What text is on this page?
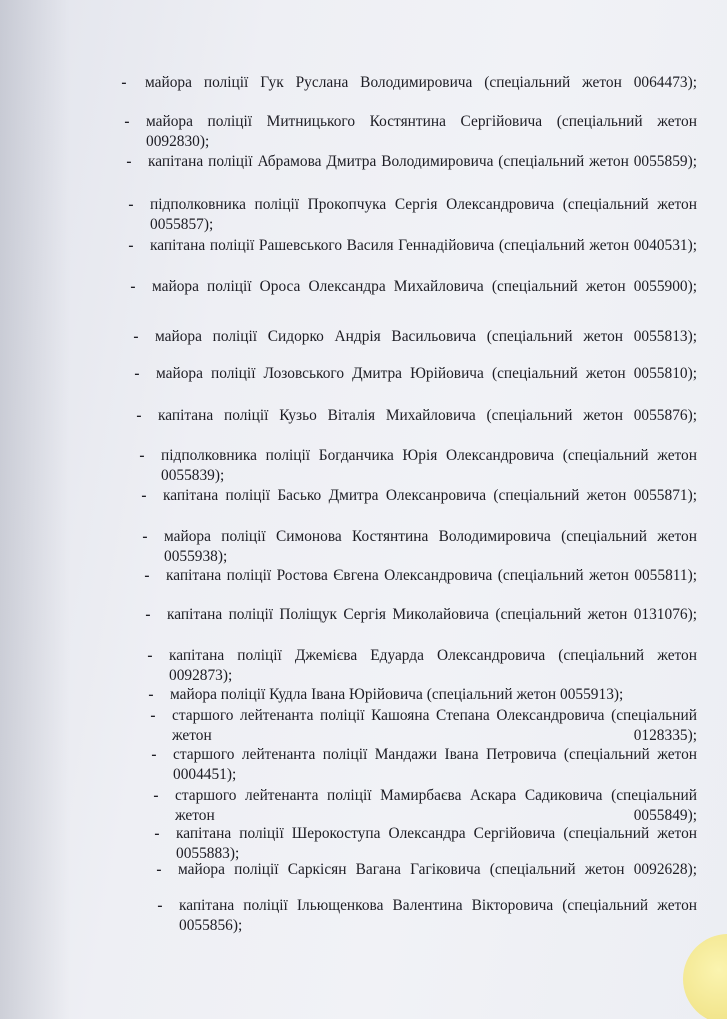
- майора поліції Гук Руслана Володимировича (спеціальний жетон 0064473);
- майора поліції Митницького Костянтина Сергійовича (спеціальний жетон 0092830);
- капітана поліції Абрамова Дмитра Володимировича (спеціальний жетон 0055859);
- підполковника поліції Прокопчука Сергія Олександровича (спеціальний жетон 0055857);
- капітана поліції Рашевського Василя Геннадійовича (спеціальний жетон 0040531);
- майора поліції Ороса Олександра Михайловича (спеціальний жетон 0055900);
- майора поліції Сидорко Андрія Васильовича (спеціальний жетон 0055813);
- майора поліції Лозовського Дмитра Юрійовича (спеціальний жетон 0055810);
- капітана поліції Кузьо Віталія Михайловича (спеціальний жетон 0055876);
- підполковника поліції Богданчика Юрія Олександровича (спеціальний жетон 0055839);
- капітана поліції Басько Дмитра Олексанровича (спеціальний жетон 0055871);
- майора поліції Симонова Костянтина Володимировича (спеціальний жетон 0055938);
- капітана поліції Ростова Євгена Олександровича (спеціальний жетон 0055811);
- капітана поліції Поліщук Сергія Миколайовича (спеціальний жетон 0131076);
- капітана поліції Джемієва Едуарда Олександровича (спеціальний жетон 0092873);
- майора поліції Кудла Івана Юрійовича (спеціальний жетон 0055913);
- старшого лейтенанта поліції Кашояна Степана Олександровича (спеціальний жетон 0128335);
- старшого лейтенанта поліції Мандажи Івана Петровича (спеціальний жетон 0004451);
- старшого лейтенанта поліції Мамирбаєва Аскара Садиковича (спеціальний жетон 0055849);
- капітана поліції Шерокоступа Олександра Сергійовича (спеціальний жетон 0055883);
- майора поліції Саркісян Вагана Гагіковича (спеціальний жетон 0092628);
- капітана поліції Ільющенкова Валентина Вікторовича (спеціальний жетон 0055856);
